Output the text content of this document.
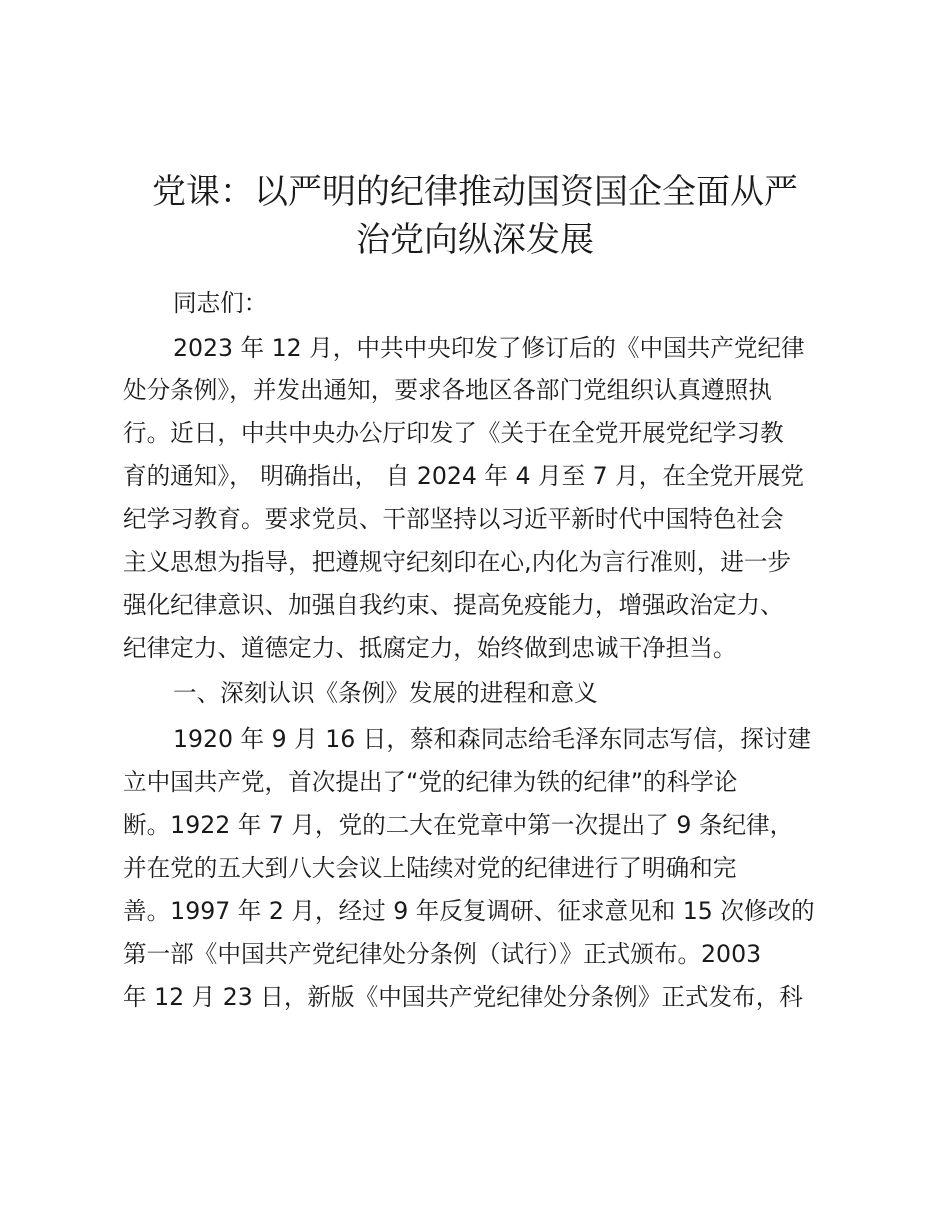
党课：以严明的纪律推动国资国企全面从严
治党向纵深发展

同志们：

2023 年 12 月，中共中央印发了修订后的《中国共产党纪律

处分条例》，并发出通知，要求各地区各部门党组织认真遵照执

行。近日，中共中央办公厅印发了《关于在全党开展党纪学习教

育的通知》， 明确指出， 自 2024 年 4 月至 7 月，在全党开展党

纪学习教育。要求党员、干部坚持以习近平新时代中国特色社会

主义思想为指导，把遵规守纪刻印在心,内化为言行准则，进一步

强化纪律意识、加强自我约束、提高免疫能力，增强政治定力、

纪律定力、道德定力、抵腐定力，始终做到忠诚干净担当。

一、深刻认识《条例》发展的进程和意义

1920 年 9 月 16 日，蔡和森同志给毛泽东同志写信，探讨建

立中国共产党，首次提出了“党的纪律为铁的纪律”的科学论

断。1922 年 7 月，党的二大在党章中第一次提出了 9 条纪律，

并在党的五大到八大会议上陆续对党的纪律进行了明确和完

善。1997 年 2 月，经过 9 年反复调研、征求意见和 15 次修改的

第一部《中国共产党纪律处分条例（试行）》正式颁布。2003

年 12 月 23 日，新版《中国共产党纪律处分条例》正式发布，科
